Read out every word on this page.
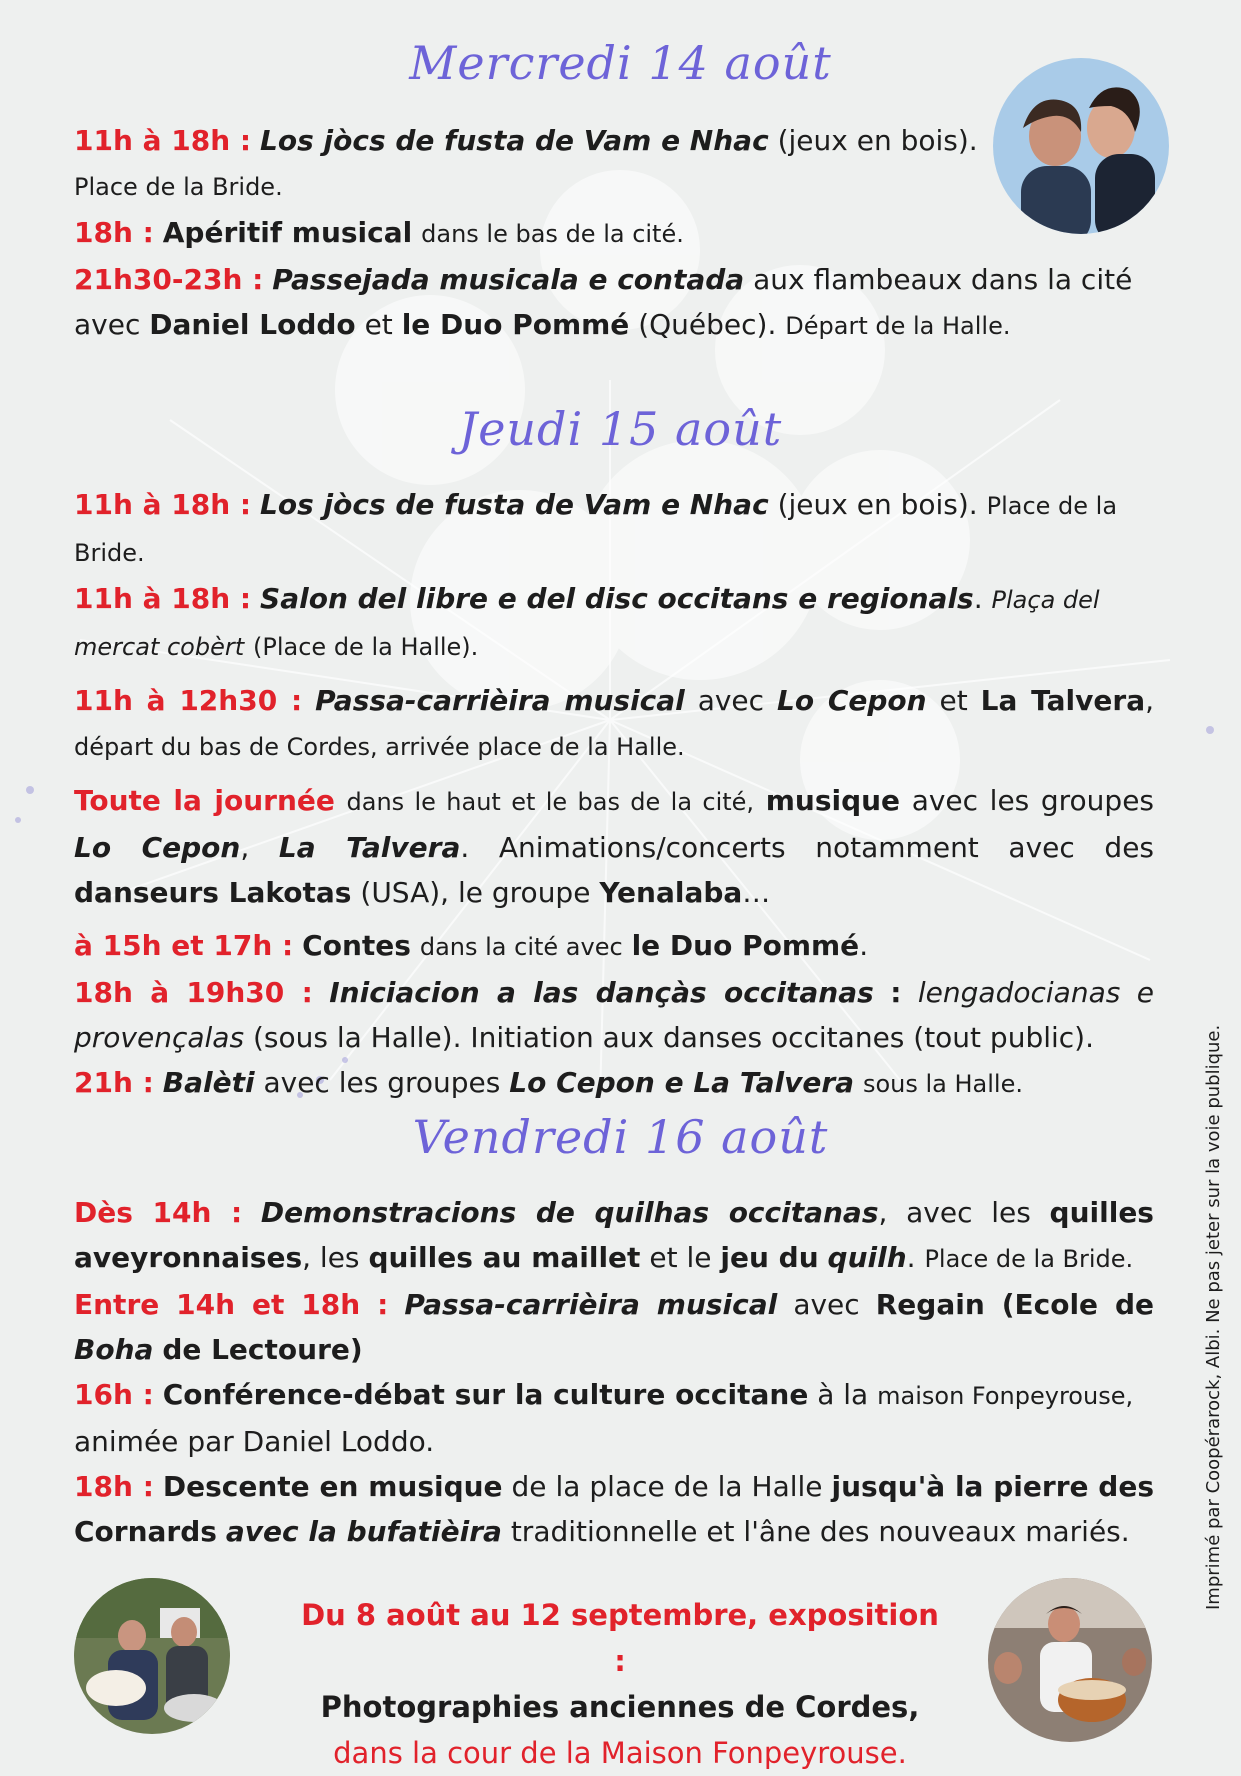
Mercredi 14 août
Jeudi 15 août
Vendredi 16 août

11h à 18h : Los jòcs de fusta de Vam e Nhac (jeux en bois).
Place de la Bride.

18h : Apéritif musical dans le bas de la cité.

21h30-23h : Passejada musicala e contada aux flambeaux dans la cité
avec Daniel Loddo et le Duo Pommé (Québec). Départ de la Halle.

11h à 18h : Los jòcs de fusta de Vam e Nhac (jeux en bois). Place de la Bride.

11h à 18h : Salon del libre e del disc occitans e regionals. Plaça del mercat cobèrt (Place de la Halle).

11h à 12h30 : Passa-carrièira musical avec Lo Cepon et La Talvera, départ du bas de Cordes, arrivée place de la Halle.

Toute la journée dans le haut et le bas de la cité, musique avec les groupes Lo Cepon, La Talvera. Animations/concerts notamment avec des danseurs Lakotas (USA), le groupe Yenalaba…

à 15h et 17h : Contes dans la cité avec le Duo Pommé.

18h à 19h30 : Iniciacion a las dançàs occitanas : lengadocianas e provençalas (sous la Halle). Initiation aux danses occitanes (tout public).

21h : Balèti avec les groupes Lo Cepon e La Talvera sous la Halle.

Dès 14h : Demonstracions de quilhas occitanas, avec les quilles aveyronnaises, les quilles au maillet et le jeu du quilh. Place de la Bride.

Entre 14h et 18h : Passa-carrièira musical avec Regain (Ecole de Boha de Lectoure)

16h : Conférence-débat sur la culture occitane à la maison Fonpeyrouse,
animée par Daniel Loddo.

18h : Descente en musique de la place de la Halle jusqu'à la pierre des Cornards avec la bufatièira traditionnelle et l'âne des nouveaux mariés.

Du 8 août au 12 septembre, exposition :
Photographies anciennes de Cordes,
dans la cour de la Maison Fonpeyrouse.
Imprimé par Coopérarock, Albi. Ne pas jeter sur la voie publique.
